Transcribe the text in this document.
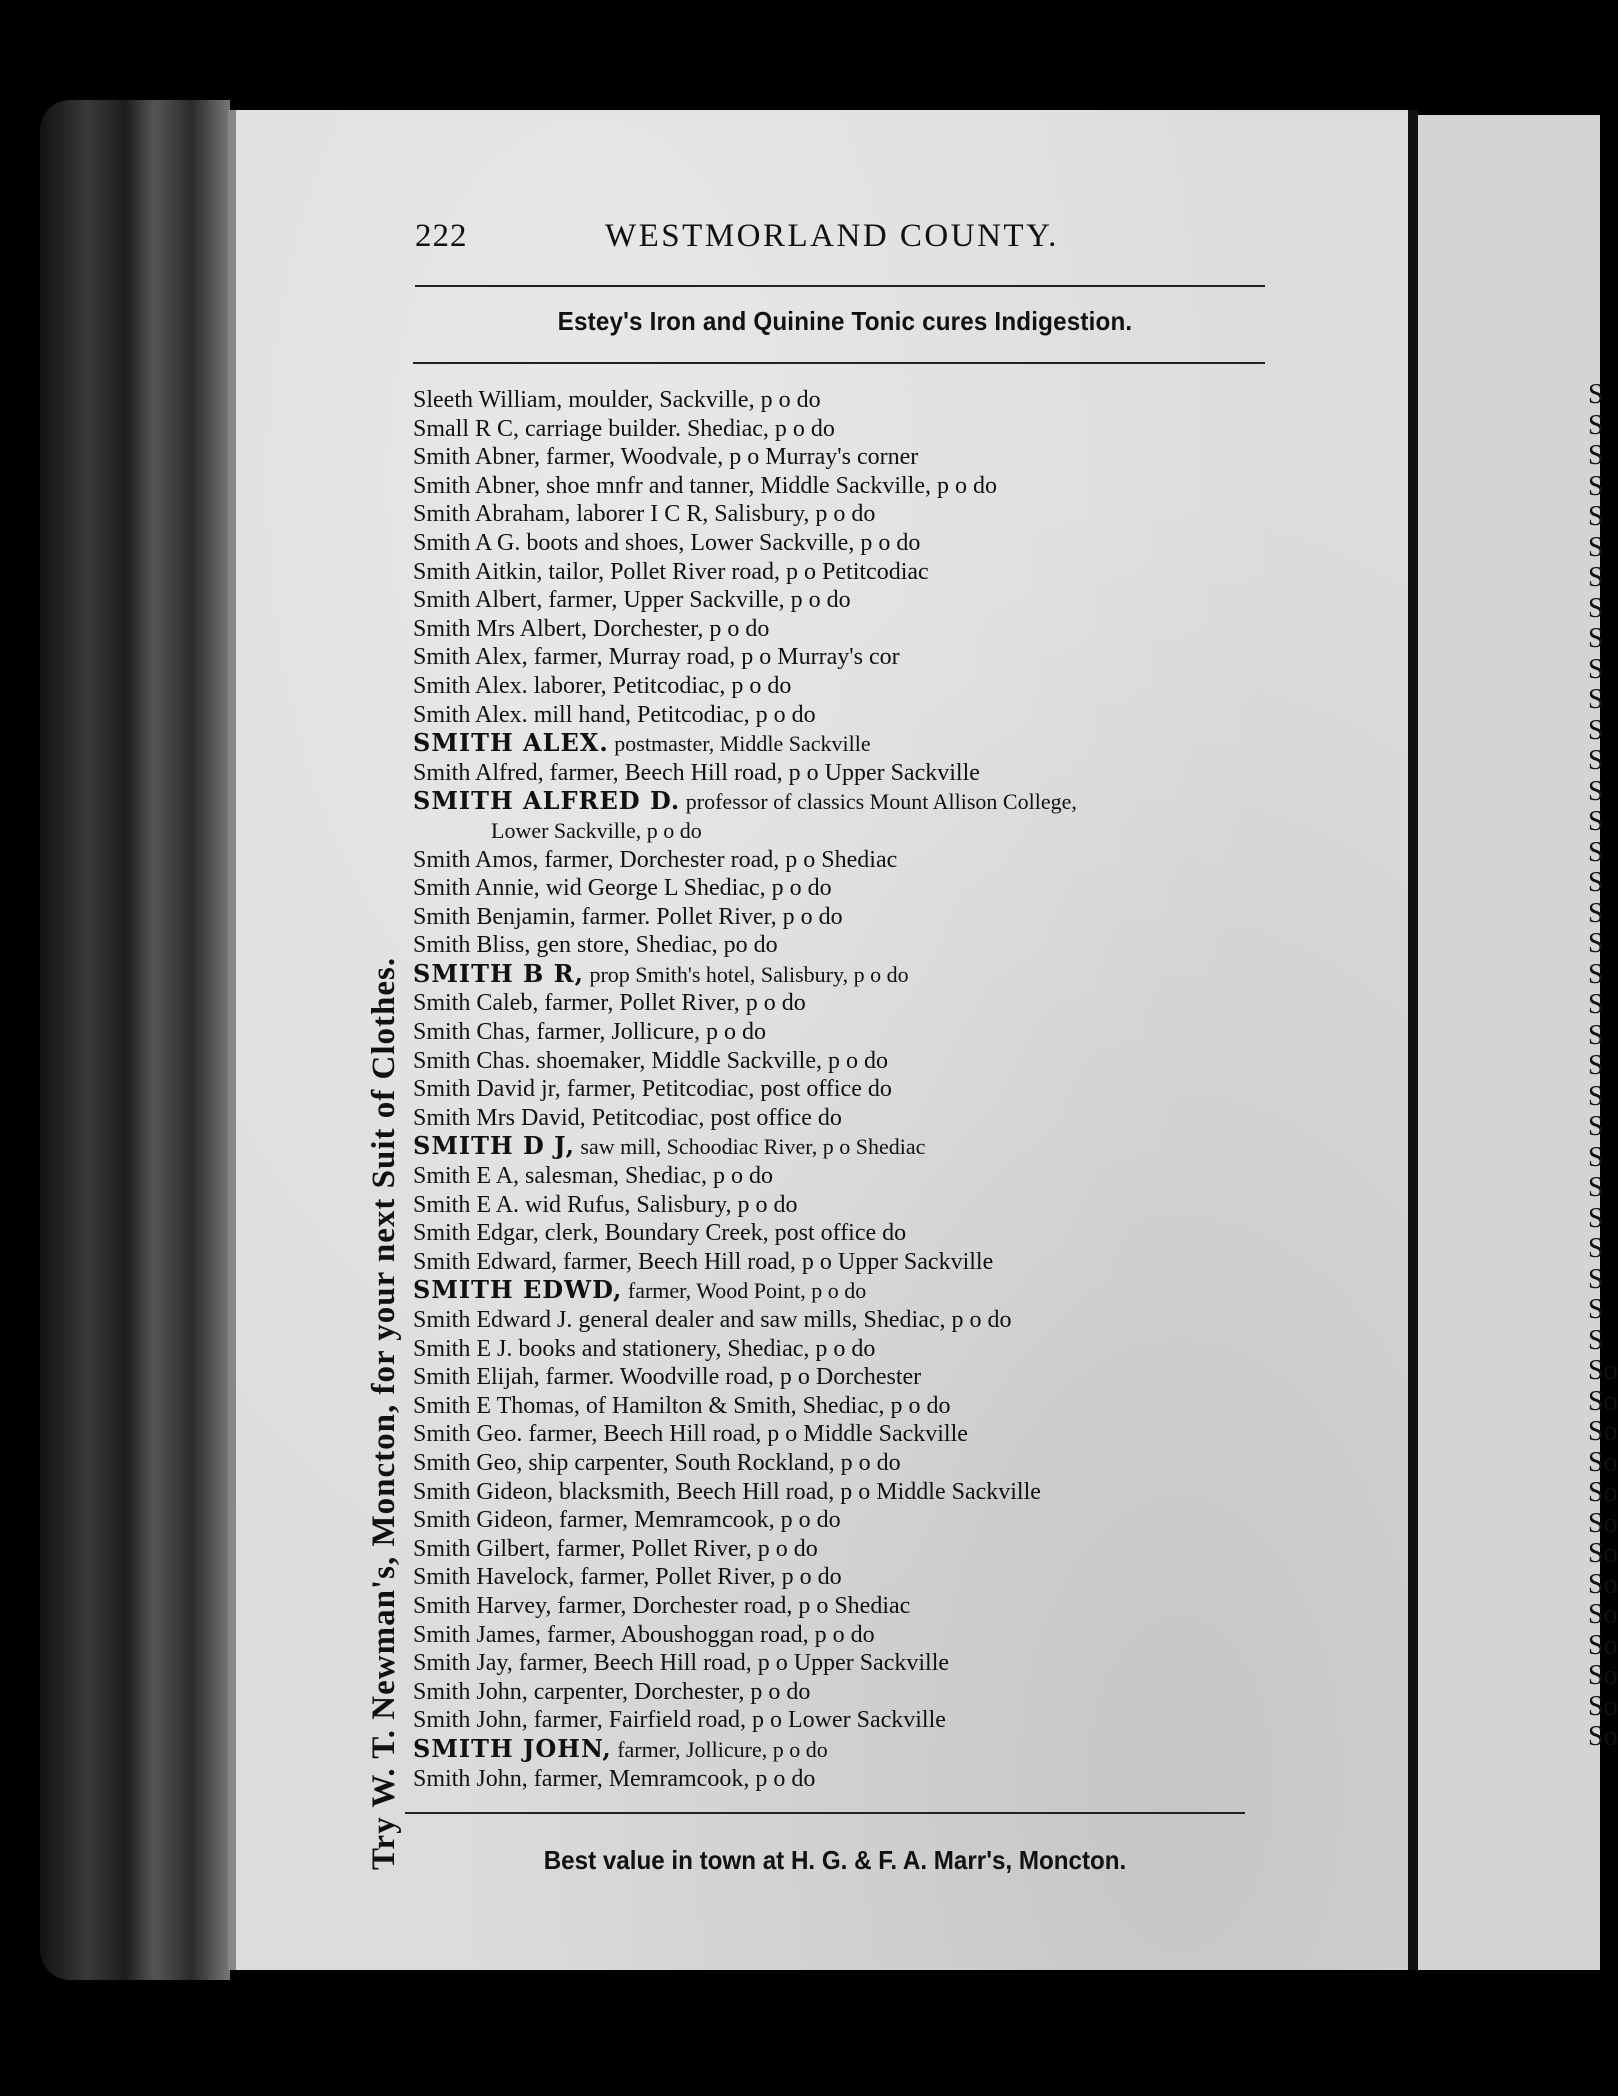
S S S S S S S S S S S S S S S S S S S S S S S S S S S S S S S S So So So So So So So So So So So So So
222	WESTMORLAND COUNTY.
Estey's Iron and Quinine Tonic cures Indigestion.
Try W. T. Newman's, Moncton, for your next Suit of Clothes.
Sleeth William, moulder, Sackville, p o do
Small R C, carriage builder. Shediac, p o do
Smith Abner, farmer, Woodvale, p o Murray's corner
Smith Abner, shoe mnfr and tanner, Middle Sackville, p o do
Smith Abraham, laborer I C R, Salisbury, p o do
Smith A G. boots and shoes, Lower Sackville, p o do
Smith Aitkin, tailor, Pollet River road, p o Petitcodiac
Smith Albert, farmer, Upper Sackville, p o do
Smith Mrs Albert, Dorchester, p o do
Smith Alex, farmer, Murray road, p o Murray's cor
Smith Alex. laborer, Petitcodiac, p o do
Smith Alex. mill hand, Petitcodiac, p o do
SMITH ALEX. postmaster, Middle Sackville
Smith Alfred, farmer, Beech Hill road, p o Upper Sackville
SMITH ALFRED D. professor of classics Mount Allison College,
Lower Sackville, p o do
Smith Amos, farmer, Dorchester road, p o Shediac
Smith Annie, wid George L Shediac, p o do
Smith Benjamin, farmer. Pollet River, p o do
Smith Bliss, gen store, Shediac, po do
SMITH B R, prop Smith's hotel, Salisbury, p o do
Smith Caleb, farmer, Pollet River, p o do
Smith Chas, farmer, Jollicure, p o do
Smith Chas. shoemaker, Middle Sackville, p o do
Smith David jr, farmer, Petitcodiac, post office do
Smith Mrs David, Petitcodiac, post office do
SMITH D J, saw mill, Schoodiac River, p o Shediac
Smith E A, salesman, Shediac, p o do
Smith E A. wid Rufus, Salisbury, p o do
Smith Edgar, clerk, Boundary Creek, post office do
Smith Edward, farmer, Beech Hill road, p o Upper Sackville
SMITH EDWD, farmer, Wood Point, p o do
Smith Edward J. general dealer and saw mills, Shediac, p o do
Smith E J. books and stationery, Shediac, p o do
Smith Elijah, farmer. Woodville road, p o Dorchester
Smith E Thomas, of Hamilton & Smith, Shediac, p o do
Smith Geo. farmer, Beech Hill road, p o Middle Sackville
Smith Geo, ship carpenter, South Rockland, p o do
Smith Gideon, blacksmith, Beech Hill road, p o Middle Sackville
Smith Gideon, farmer, Memramcook, p o do
Smith Gilbert, farmer, Pollet River, p o do
Smith Havelock, farmer, Pollet River, p o do
Smith Harvey, farmer, Dorchester road, p o Shediac
Smith James, farmer, Aboushoggan road, p o do
Smith Jay, farmer, Beech Hill road, p o Upper Sackville
Smith John, carpenter, Dorchester, p o do
Smith John, farmer, Fairfield road, p o Lower Sackville
SMITH JOHN, farmer, Jollicure, p o do
Smith John, farmer, Memramcook, p o do
Best value in town at H. G. & F. A. Marr's, Moncton.
